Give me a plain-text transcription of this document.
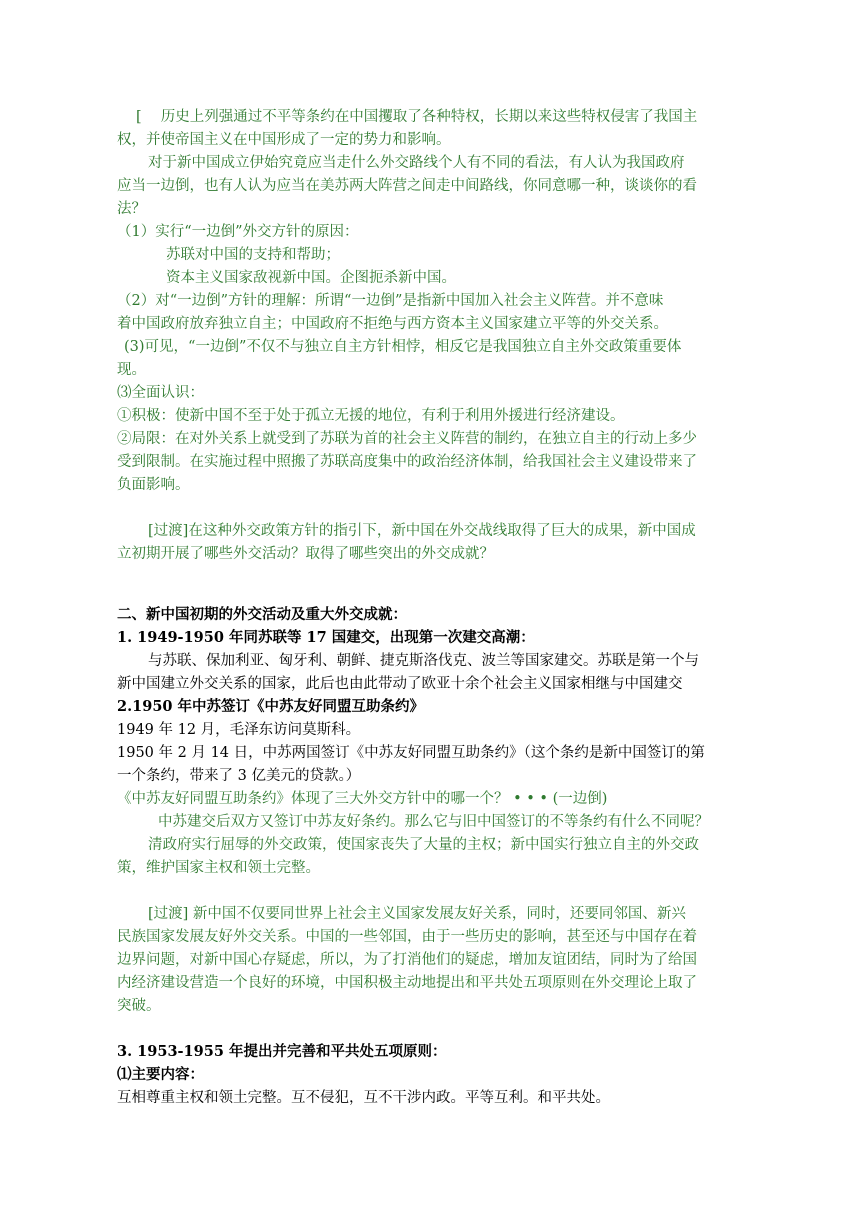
[　 历史上列强通过不平等条约在中国攫取了各种特权，长期以来这些特权侵害了我国主
权，并使帝国主义在中国形成了一定的势力和影响。
对于新中国成立伊始究竟应当走什么外交路线个人有不同的看法，有人认为我国政府
应当一边倒，也有人认为应当在美苏两大阵营之间走中间路线，你同意哪一种，谈谈你的看
法？
（1）实行“一边倒”外交方针的原因：
苏联对中国的支持和帮助；
资本主义国家敌视新中国。企图扼杀新中国。
（2）对“一边倒”方针的理解：所谓“一边倒”是指新中国加入社会主义阵营。并不意味
着中国政府放弃独立自主；中国政府不拒绝与西方资本主义国家建立平等的外交关系。
(3)可见，“一边倒”不仅不与独立自主方针相悖，相反它是我国独立自主外交政策重要体
现。
⑶全面认识：
①积极：使新中国不至于处于孤立无援的地位，有利于利用外援进行经济建设。
②局限：在对外关系上就受到了苏联为首的社会主义阵营的制约，在独立自主的行动上多少
受到限制。在实施过程中照搬了苏联高度集中的政治经济体制，给我国社会主义建设带来了
负面影响。
[过渡]在这种外交政策方针的指引下，新中国在外交战线取得了巨大的成果，新中国成
立初期开展了哪些外交活动？取得了哪些突出的外交成就？
二、新中国初期的外交活动及重大外交成就：
1. 1949-1950 年同苏联等 17 国建交，出现第一次建交高潮：
与苏联、保加利亚、匈牙利、朝鲜、捷克斯洛伐克、波兰等国家建交。苏联是第一个与
新中国建立外交关系的国家，此后也由此带动了欧亚十余个社会主义国家相继与中国建交
2.1950 年中苏签订《中苏友好同盟互助条约》
1949 年 12 月，毛泽东访问莫斯科。
1950 年 2 月 14 日，中苏两国签订《中苏友好同盟互助条约》（这个条约是新中国签订的第
一个条约，带来了 3 亿美元的贷款。）
《中苏友好同盟互助条约》体现了三大外交方针中的哪一个？ • • • (一边倒)
中苏建交后双方又签订中苏友好条约。那么它与旧中国签订的不等条约有什么不同呢？
清政府实行屈辱的外交政策，使国家丧失了大量的主权；新中国实行独立自主的外交政
策，维护国家主权和领土完整。
[过渡] 新中国不仅要同世界上社会主义国家发展友好关系，同时，还要同邻国、新兴
民族国家发展友好外交关系。中国的一些邻国，由于一些历史的影响，甚至还与中国存在着
边界问题，对新中国心存疑虑，所以，为了打消他们的疑虑，增加友谊团结，同时为了给国
内经济建设营造一个良好的环境，中国积极主动地提出和平共处五项原则在外交理论上取了
突破。
3. 1953-1955 年提出并完善和平共处五项原则：
⑴主要内容：
互相尊重主权和领土完整。互不侵犯，互不干涉内政。平等互利。和平共处。
